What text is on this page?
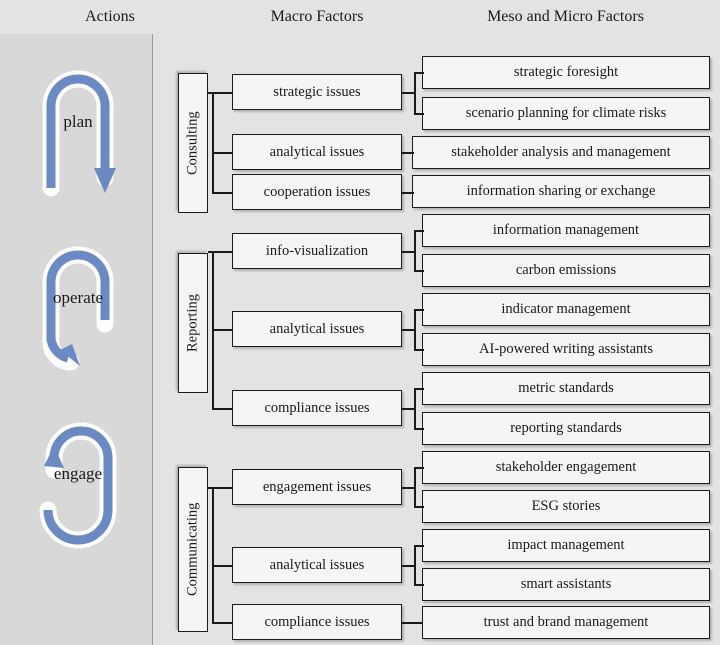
Actions	Macro Factors	Meso and Micro Factors
plan
operate
engage
Consulting
strategic issues
analytical issues
cooperation issues
strategic foresight
scenario planning for climate risks
stakeholder analysis and management
information sharing or exchange
Reporting
info-visualization
analytical issues
compliance issues
information management
carbon emissions
indicator management
AI-powered writing assistants
metric standards
reporting standards
Communicating
engagement issues
analytical issues
compliance issues
stakeholder engagement
ESG stories
impact management
smart assistants
trust and brand management
